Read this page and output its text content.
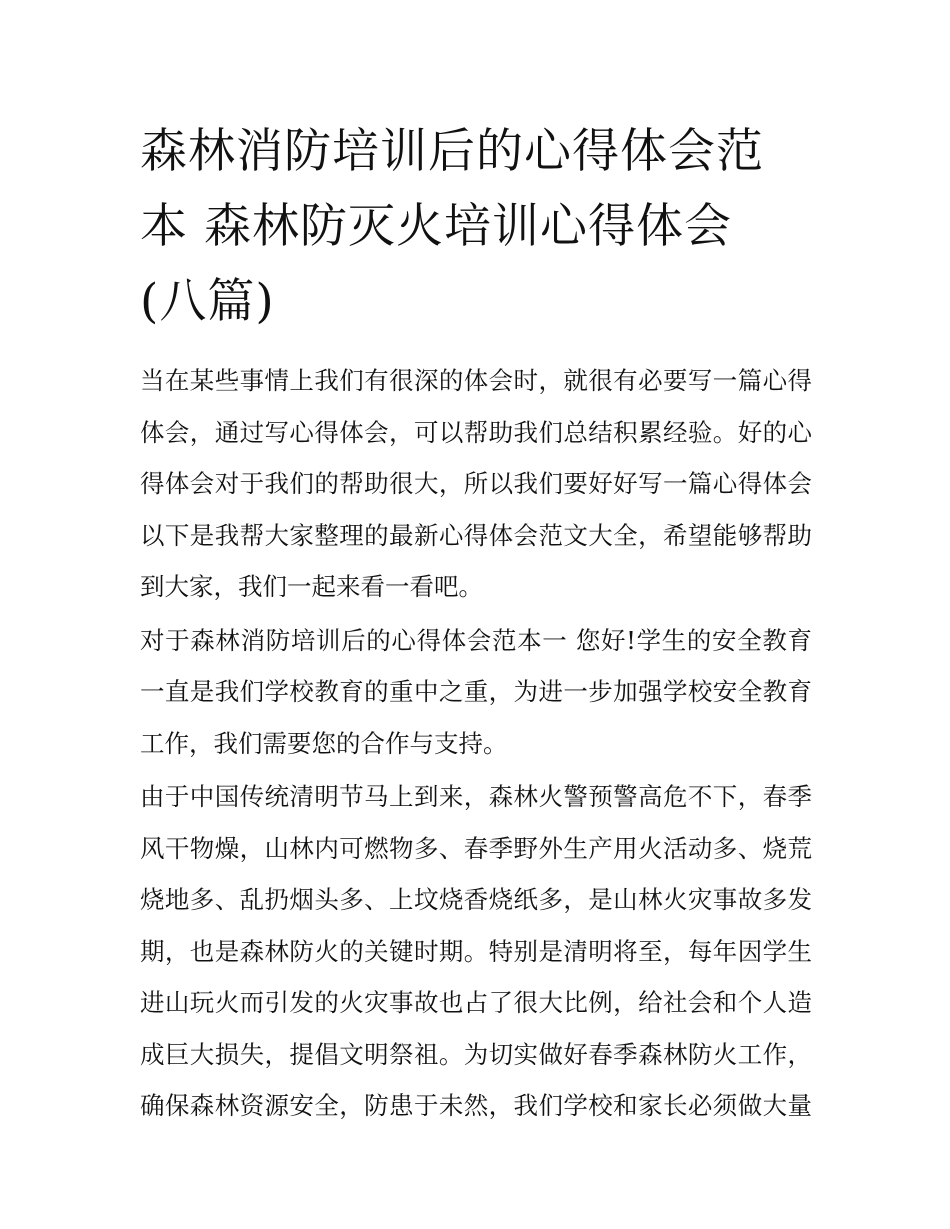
森林消防培训后的心得体会范
本 森林防灭火培训心得体会
(八篇)

当在某些事情上我们有很深的体会时，就很有必要写一篇心得
体会，通过写心得体会，可以帮助我们总结积累经验。好的心
得体会对于我们的帮助很大，所以我们要好好写一篇心得体会
以下是我帮大家整理的最新心得体会范文大全，希望能够帮助
到大家，我们一起来看一看吧。

对于森林消防培训后的心得体会范本一 您好!学生的安全教育
一直是我们学校教育的重中之重，为进一步加强学校安全教育
工作，我们需要您的合作与支持。

由于中国传统清明节马上到来，森林火警预警高危不下，春季
风干物燥，山林内可燃物多、春季野外生产用火活动多、烧荒
烧地多、乱扔烟头多、上坟烧香烧纸多，是山林火灾事故多发
期，也是森林防火的关键时期。特别是清明将至，每年因学生
进山玩火而引发的火灾事故也占了很大比例，给社会和个人造
成巨大损失，提倡文明祭祖。为切实做好春季森林防火工作，
确保森林资源安全，防患于未然，我们学校和家长必须做大量
